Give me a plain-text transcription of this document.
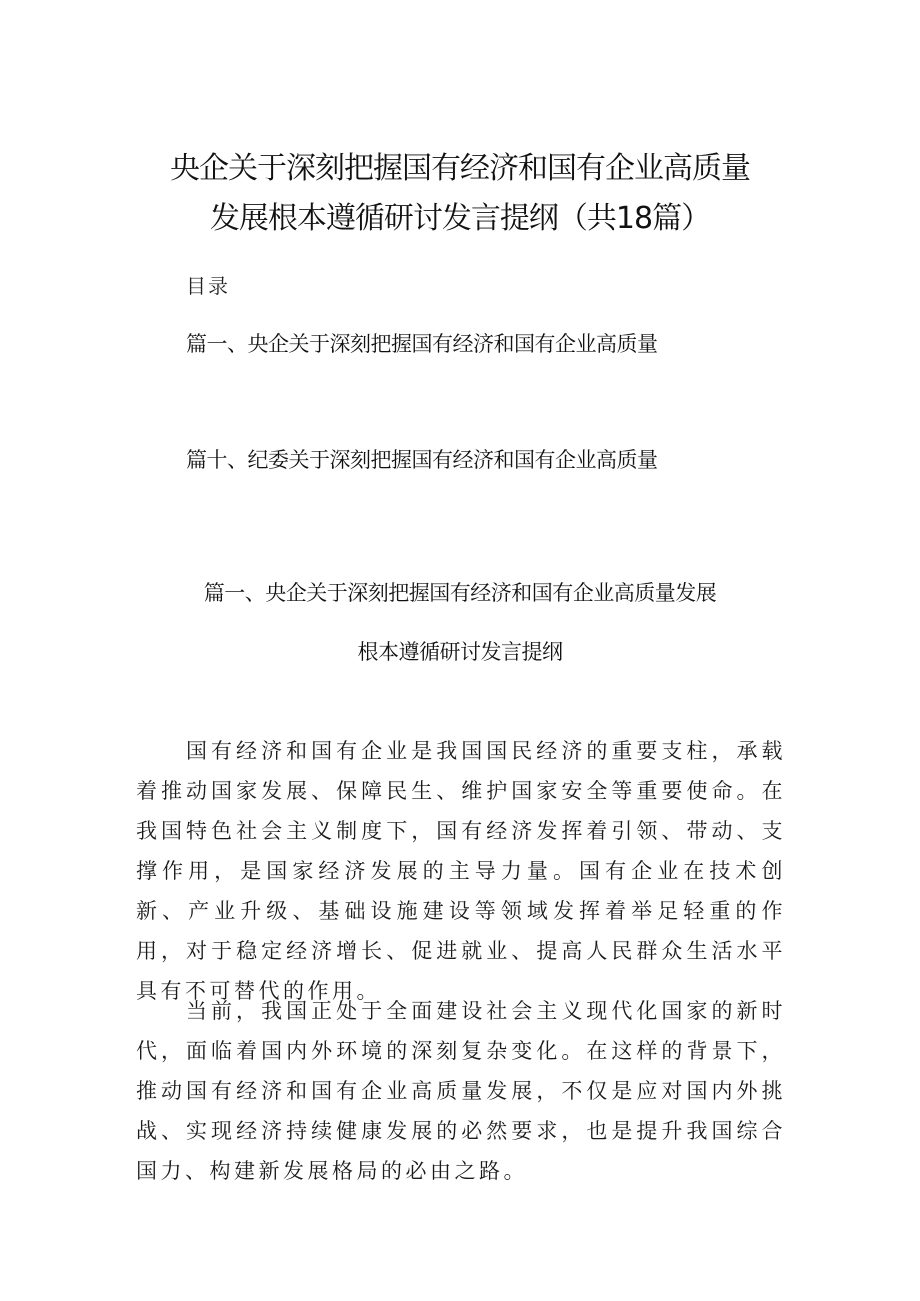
央企关于深刻把握国有经济和国有企业高质量
发展根本遵循研讨发言提纲（共18篇）
目录
篇一、央企关于深刻把握国有经济和国有企业高质量
篇十、纪委关于深刻把握国有经济和国有企业高质量
篇一、央企关于深刻把握国有经济和国有企业高质量发展
根本遵循研讨发言提纲

国有经济和国有企业是我国国民经济的重要支柱，承载着推动国家发展、保障民生、维护国家安全等重要使命。在我国特色社会主义制度下，国有经济发挥着引领、带动、支撑作用，是国家经济发展的主导力量。国有企业在技术创新、产业升级、基础设施建设等领域发挥着举足轻重的作用，对于稳定经济增长、促进就业、提高人民群众生活水平具有不可替代的作用。

当前，我国正处于全面建设社会主义现代化国家的新时代，面临着国内外环境的深刻复杂变化。在这样的背景下，推动国有经济和国有企业高质量发展，不仅是应对国内外挑战、实现经济持续健康发展的必然要求，也是提升我国综合国力、构建新发展格局的必由之路。
